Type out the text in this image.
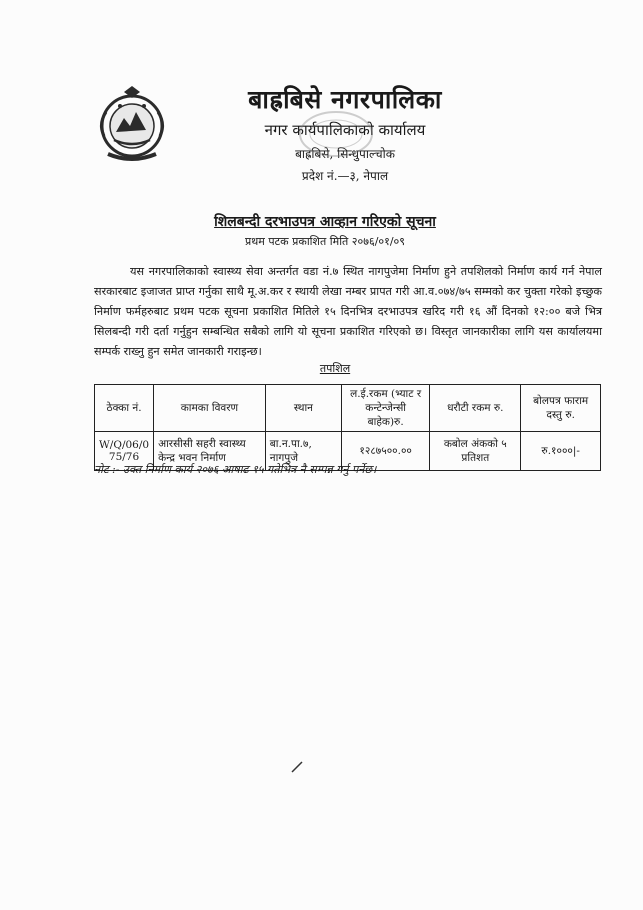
बाह्रबिसे नगरपालिका
नगर कार्यपालिकाको कार्यालय
बाह्रबिसे, सिन्धुपाल्चोक
प्रदेश नं.—३, नेपाल
शिलबन्दी दरभाउपत्र आव्हान गरिएको सूचना
प्रथम पटक प्रकाशित मिति २०७६/०१/०९
यस नगरपालिकाको स्वास्थ्य सेवा अन्तर्गत वडा नं.७ स्थित नागपुजेमा निर्माण हुने तपशिलको निर्माण कार्य गर्न नेपाल सरकारबाट इजाजत प्राप्त गर्नुका साथै मू.अ.कर र स्थायी लेखा नम्बर प्रापत गरी आ.व.०७४/७५ सम्मको कर चुक्ता गरेको इच्छुक निर्माण फर्महरुबाट प्रथम पटक सूचना प्रकाशित मितिले १५ दिनभित्र दरभाउपत्र खरिद गरी १६ औं दिनको १२:०० बजे भित्र सिलबन्दी गरी दर्ता गर्नुहुन सम्बन्धित सबैको लागि यो सूचना प्रकाशित गरिएको छ। विस्तृत जानकारीका लागि यस कार्यालयमा सम्पर्क राख्नु हुन समेत जानकारी गराइन्छ।
तपशिल
ठेक्का नं.	कामका विवरण	स्थान	ल.ई.रकम (भ्याट र कन्टेन्जेन्सी बाहेक)रु.	धरौटी रकम रु.	बोलपत्र फाराम दस्तु रु.
W/Q/06/0 75/76	आरसीसी सहरी स्वास्थ्य केन्द्र भवन निर्माण	बा.न.पा.७, नागपुजे	१२८७५००.००	कबोल अंकको ५ प्रतिशत	रु.१०००|-
नोट :- उक्त निर्माण कार्य २०७६ आषाढ १५ गतेभित्र नै सम्पन्न गर्नु पर्नेछ।
